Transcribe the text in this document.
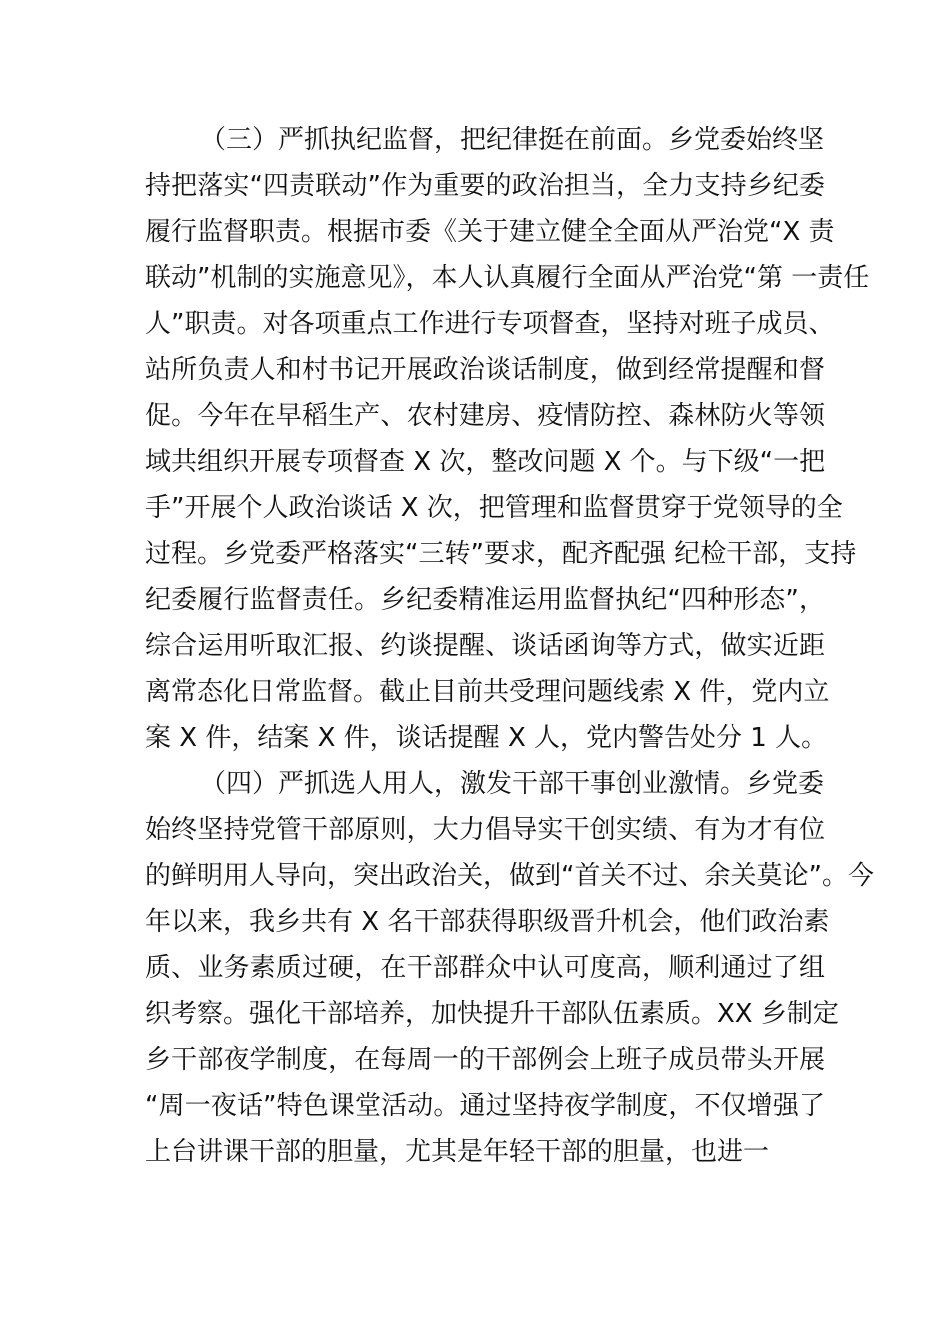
（三）严抓执纪监督，把纪律挺在前面。乡党委始终坚
持把落实“四责联动”作为重要的政治担当，全力支持乡纪委
履行监督职责。根据市委《关于建立健全全面从严治党“X 责
联动”机制的实施意见》，本人认真履行全面从严治党“第 一责任
人”职责。对各项重点工作进行专项督查，坚持对班子成员、
站所负责人和村书记开展政治谈话制度，做到经常提醒和督
促。今年在早稻生产、农村建房、疫情防控、森林防火等领
域共组织开展专项督查 X 次，整改问题 X 个。与下级“一把
手”开展个人政治谈话 X 次，把管理和监督贯穿于党领导的全
过程。乡党委严格落实“三转”要求，配齐配强 纪检干部，支持
纪委履行监督责任。乡纪委精准运用监督执纪“四种形态”，
综合运用听取汇报、约谈提醒、谈话函询等方式，做实近距
离常态化日常监督。截止目前共受理问题线索 X 件，党内立
案 X 件，结案 X 件，谈话提醒 X 人，党内警告处分 1 人。
（四）严抓选人用人，激发干部干事创业激情。乡党委
始终坚持党管干部原则，大力倡导实干创实绩、有为才有位
的鲜明用人导向，突出政治关，做到“首关不过、余关莫论”。今
年以来，我乡共有 X 名干部获得职级晋升机会，他们政治素
质、业务素质过硬，在干部群众中认可度高，顺利通过了组
织考察。强化干部培养，加快提升干部队伍素质。XX 乡制定
乡干部夜学制度，在每周一的干部例会上班子成员带头开展
“周一夜话”特色课堂活动。通过坚持夜学制度，不仅增强了
上台讲课干部的胆量，尤其是年轻干部的胆量，也进一
